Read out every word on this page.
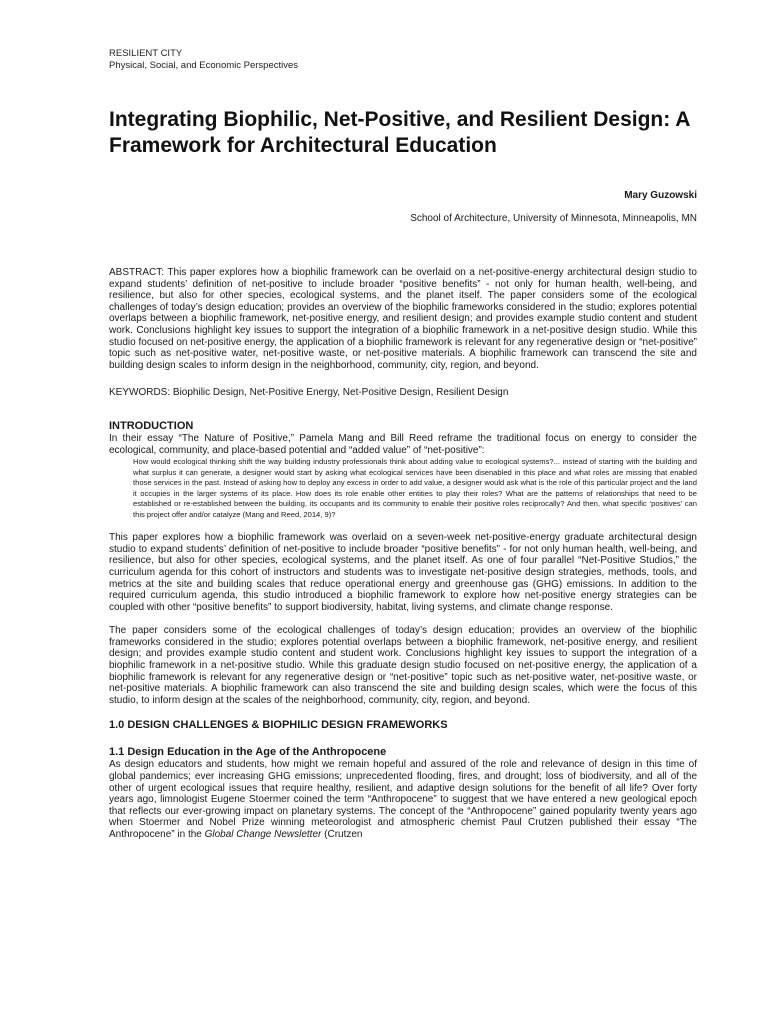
RESILIENT CITY
Physical, Social, and Economic Perspectives
Integrating Biophilic, Net-Positive, and Resilient Design: A Framework for Architectural Education
Mary Guzowski
School of Architecture, University of Minnesota, Minneapolis, MN

ABSTRACT: This paper explores how a biophilic framework can be overlaid on a net-positive-energy architectural design studio to expand students’ definition of net-positive to include broader “positive benefits” - not only for human health, well-being, and resilience, but also for other species, ecological systems, and the planet itself. The paper considers some of the ecological challenges of today’s design education; provides an overview of the biophilic frameworks considered in the studio; explores potential overlaps between a biophilic framework, net-positive energy, and resilient design; and provides example studio content and student work. Conclusions highlight key issues to support the integration of a biophilic framework in a net-positive design studio. While this studio focused on net-positive energy, the application of a biophilic framework is relevant for any regenerative design or “net-positive” topic such as net-positive water, net-positive waste, or net-positive materials. A biophilic framework can transcend the site and building design scales to inform design in the neighborhood, community, city, region, and beyond.

KEYWORDS: Biophilic Design, Net-Positive Energy, Net-Positive Design, Resilient Design

INTRODUCTION

In their essay “The Nature of Positive,” Pamela Mang and Bill Reed reframe the traditional focus on energy to consider the ecological, community, and place-based potential and “added value” of “net-positive”:

How would ecological thinking shift the way building industry professionals think about adding value to ecological systems?... instead of starting with the building and what surplus it can generate, a designer would start by asking what ecological services have been disenabled in this place and what roles are missing that enabled those services in the past. Instead of asking how to deploy any excess in order to add value, a designer would ask what is the role of this particular project and the land it occupies in the larger systems of its place. How does its role enable other entities to play their roles? What are the patterns of relationships that need to be established or re-established between the building, its occupants and its community to enable their positive roles reciprocally? And then, what specific ‘positives’ can this project offer and/or catalyze (Mang and Reed, 2014, 9)?

This paper explores how a biophilic framework was overlaid on a seven-week net-positive-energy graduate architectural design studio to expand students’ definition of net-positive to include broader “positive benefits” - for not only human health, well-being, and resilience, but also for other species, ecological systems, and the planet itself. As one of four parallel “Net-Positive Studios,” the curriculum agenda for this cohort of instructors and students was to investigate net-positive design strategies, methods, tools, and metrics at the site and building scales that reduce operational energy and greenhouse gas (GHG) emissions. In addition to the required curriculum agenda, this studio introduced a biophilic framework to explore how net-positive energy strategies can be coupled with other “positive benefits” to support biodiversity, habitat, living systems, and climate change response.

The paper considers some of the ecological challenges of today’s design education; provides an overview of the biophilic frameworks considered in the studio; explores potential overlaps between a biophilic framework, net-positive energy, and resilient design; and provides example studio content and student work. Conclusions highlight key issues to support the integration of a biophilic framework in a net-positive studio. While this graduate design studio focused on net-positive energy, the application of a biophilic framework is relevant for any regenerative design or “net-positive” topic such as net-positive water, net-positive waste, or net-positive materials. A biophilic framework can also transcend the site and building design scales, which were the focus of this studio, to inform design at the scales of the neighborhood, community, city, region, and beyond.

1.0 DESIGN CHALLENGES & BIOPHILIC DESIGN FRAMEWORKS
1.1 Design Education in the Age of the Anthropocene

As design educators and students, how might we remain hopeful and assured of the role and relevance of design in this time of global pandemics; ever increasing GHG emissions; unprecedented flooding, fires, and drought; loss of biodiversity, and all of the other of urgent ecological issues that require healthy, resilient, and adaptive design solutions for the benefit of all life? Over forty years ago, limnologist Eugene Stoermer coined the term “Anthropocene” to suggest that we have entered a new geological epoch that reflects our ever-growing impact on planetary systems. The concept of the “Anthropocene” gained popularity twenty years ago when Stoermer and Nobel Prize winning meteorologist and atmospheric chemist Paul Crutzen published their essay “The Anthropocene” in the Global Change Newsletter (Crutzen
